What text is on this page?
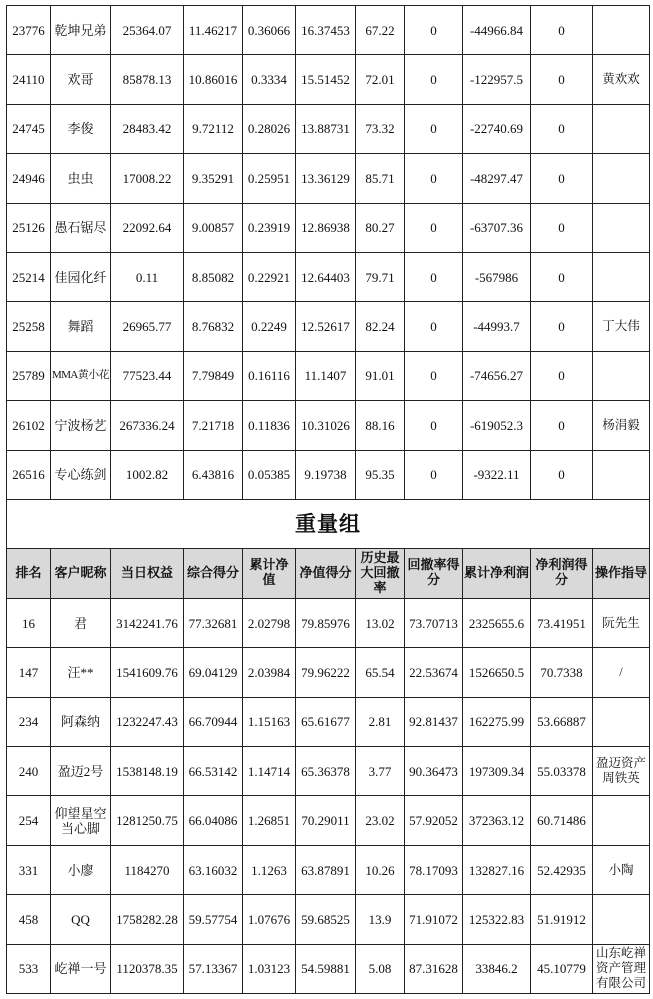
23776	乾坤兄弟	25364.07	11.46217	0.36066	16.37453	67.22	0	-44966.84	0	
24110	欢哥	85878.13	10.86016	0.3334	15.51452	72.01	0	-122957.5	0	黄欢欢
24745	李俊	28483.42	9.72112	0.28026	13.88731	73.32	0	-22740.69	0	
24946	虫虫	17008.22	9.35291	0.25951	13.36129	85.71	0	-48297.47	0	
25126	愚石锯尽	22092.64	9.00857	0.23919	12.86938	80.27	0	-63707.36	0	
25214	佳园化纤	0.11	8.85082	0.22921	12.64403	79.71	0	-567986	0	
25258	舞蹈	26965.77	8.76832	0.2249	12.52617	82.24	0	-44993.7	0	丁大伟
25789	MMA黄小花	77523.44	7.79849	0.16116	11.1407	91.01	0	-74656.27	0	
26102	宁波杨艺	267336.24	7.21718	0.11836	10.31026	88.16	0	-619052.3	0	杨涓毅
26516	专心练剑	1002.82	6.43816	0.05385	9.19738	95.35	0	-9322.11	0	
重量组										
排名	客户昵称	当日权益	综合得分	累计净值	净值得分	历史最大回撤率	回撤率得分	累计净利润	净利润得分	操作指导
16	君	3142241.76	77.32681	2.02798	79.85976	13.02	73.70713	2325655.6	73.41951	阮先生
147	汪**	1541609.76	69.04129	2.03984	79.96222	65.54	22.53674	1526650.5	70.7338	/
234	阿森纳	1232247.43	66.70944	1.15163	65.61677	2.81	92.81437	162275.99	53.66887	
240	盈迈2号	1538148.19	66.53142	1.14714	65.36378	3.77	90.36473	197309.34	55.03378	盈迈资产周铁英
254	仰望星空当心脚	1281250.75	66.04086	1.26851	70.29011	23.02	57.92052	372363.12	60.71486	
331	小廖	1184270	63.16032	1.1263	63.87891	10.26	78.17093	132827.16	52.42935	小陶
458	QQ	1758282.28	59.57754	1.07676	59.68525	13.9	71.91072	125322.83	51.91912	
533	屹禅一号	1120378.35	57.13367	1.03123	54.59881	5.08	87.31628	33846.2	45.10779	山东屹禅资产管理有限公司
